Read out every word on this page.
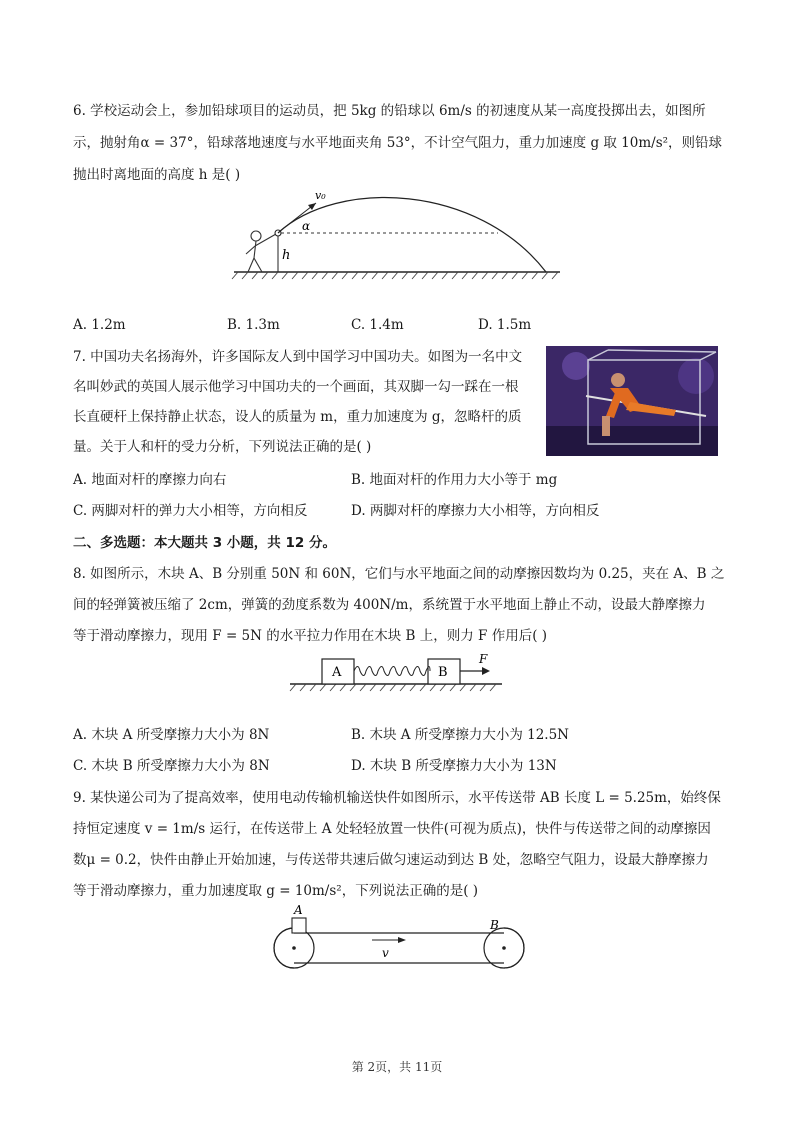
6. 学校运动会上，参加铅球项目的运动员，把 5kg 的铅球以 6m/s 的初速度从某一高度投掷出去，如图所
示，抛射角α = 37°，铅球落地速度与水平地面夹角 53°，不计空气阻力，重力加速度 g 取 10m/s²，则铅球
抛出时离地面的高度 h 是( )
h
v₀
α
A. 1.2m	B. 1.3m	C. 1.4m	D. 1.5m
7. 中国功夫名扬海外，许多国际友人到中国学习中国功夫。如图为一名中文
名叫妙武的英国人展示他学习中国功夫的一个画面，其双脚一勾一踩在一根
长直硬杆上保持静止状态，设人的质量为 m，重力加速度为 g，忽略杆的质
量。关于人和杆的受力分析，下列说法正确的是( )
A. 地面对杆的摩擦力向右	B. 地面对杆的作用力大小等于 mg
C. 两脚对杆的弹力大小相等，方向相反	D. 两脚对杆的摩擦力大小相等，方向相反
二、多选题：本大题共 3 小题，共 12 分。
8. 如图所示，木块 A、B 分别重 50N 和 60N，它们与水平地面之间的动摩擦因数均为 0.25，夹在 A、B 之
间的轻弹簧被压缩了 2cm，弹簧的劲度系数为 400N/m，系统置于水平地面上静止不动，设最大静摩擦力
等于滑动摩擦力，现用 F = 5N 的水平拉力作用在木块 B 上，则力 F 作用后( )
A	B
F
A. 木块 A 所受摩擦力大小为 8N	B. 木块 A 所受摩擦力大小为 12.5N
C. 木块 B 所受摩擦力大小为 8N	D. 木块 B 所受摩擦力大小为 13N
9. 某快递公司为了提高效率，使用电动传输机输送快件如图所示，水平传送带 AB 长度 L = 5.25m，始终保
持恒定速度 v = 1m/s 运行，在传送带上 A 处轻轻放置一快件(可视为质点)，快件与传送带之间的动摩擦因
数μ = 0.2，快件由静止开始加速，与传送带共速后做匀速运动到达 B 处，忽略空气阻力，设最大静摩擦力
等于滑动摩擦力，重力加速度取 g = 10m/s²，下列说法正确的是( )
A
B
v
第 2页，共 11页
